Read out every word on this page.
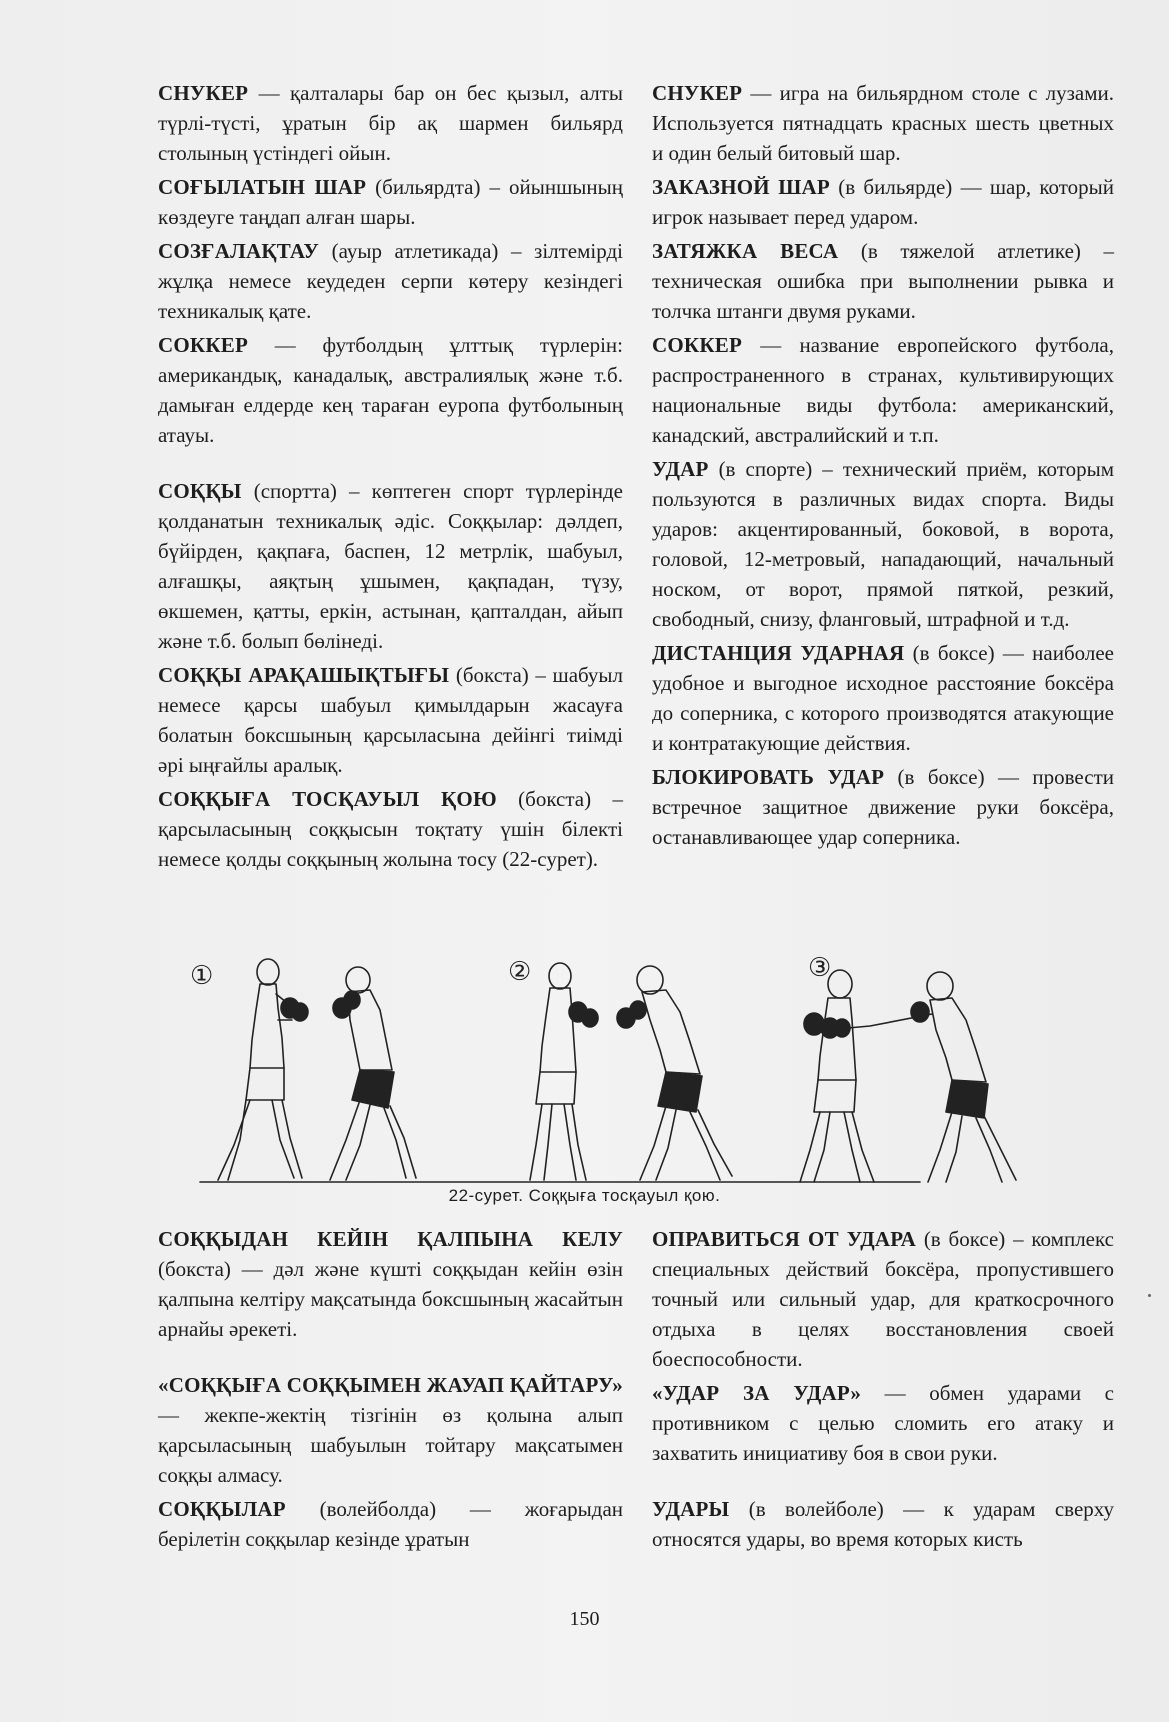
СНУКЕР — қалталары бар он бес қызыл, алты түрлі-түсті, ұратын бір ақ шармен бильярд столының үстіндегі ойын.

СОҒЫЛАТЫН ШАР (бильярдта) – ойыншының көздеуге таңдап алған шары.

СОЗҒАЛАҚТАУ (ауыр атлетикада) – зілтемірді жұлқа немесе кеудеден серпи көтеру кезіндегі техникалық қате.

СОККЕР — футболдың ұлттық түрлерін: американдық, канадалық, австралиялық және т.б. дамыған елдерде кең тараған еуропа футболының атауы.

СОҚҚЫ (спортта) – көптеген спорт түрлерінде қолданатын техникалық әдіс. Соққылар: дәлдеп, бүйірден, қақпаға, баспен, 12 метрлік, шабуыл, алғашқы, аяқтың ұшымен, қақпадан, түзу, өкшемен, қатты, еркін, астынан, қапталдан, айып және т.б. болып бөлінеді.

СОҚҚЫ АРАҚАШЫҚТЫҒЫ (бокста) – шабуыл немесе қарсы шабуыл қимылдарын жасауға болатын боксшының қарсыласына дейінгі тиімді әрі ыңғайлы аралық.

СОҚҚЫҒА ТОСҚАУЫЛ ҚОЮ (бокста) – қарсыласының соққысын тоқтату үшін білекті немесе қолды соққының жолына тосу (22-сурет).

СНУКЕР — игра на бильярдном столе с лузами. Используется пятнадцать красных шесть цветных и один белый битовый шар.

ЗАКАЗНОЙ ШАР (в бильярде) — шар, который игрок называет перед ударом.

ЗАТЯЖКА ВЕСА (в тяжелой атлетике) – техническая ошибка при выполнении рывка и толчка штанги двумя руками.

СОККЕР — название европейского футбола, распространенного в странах, культивирующих национальные виды футбола: американский, канадский, австралийский и т.п.

УДАР (в спорте) – технический приём, которым пользуются в различных видах спорта. Виды ударов: акцентированный, боковой, в ворота, головой, 12-метровый, нападающий, начальный носком, от ворот, прямой пяткой, резкий, свободный, снизу, фланговый, штрафной и т.д.

ДИСТАНЦИЯ УДАРНАЯ (в боксе) — наиболее удобное и выгодное исходное расстояние боксёра до соперника, с которого производятся атакующие и контратакующие действия.

БЛОКИРОВАТЬ УДАР (в боксе) — провести встречное защитное движение руки боксёра, останавливающее удар соперника.

①	②	③
22-сурет. Соққыға тосқауыл қою.

СОҚҚЫДАН КЕЙІН ҚАЛПЫНА КЕЛУ (бокста) — дәл және күшті соққыдан кейін өзін қалпына келтіру мақсатында боксшының жасайтын арнайы әрекеті.

«СОҚҚЫҒА СОҚҚЫМЕН ЖАУАП ҚАЙТАРУ» — жекпе-жектің тізгінін өз қолына алып қарсыласының шабуылын тойтару мақсатымен соққы алмасу.

СОҚҚЫЛАР (волейболда) — жоғарыдан берілетін соққылар кезінде ұратын

ОПРАВИТЬСЯ ОТ УДАРА (в боксе) – комплекс специальных действий боксёра, пропустившего точный или сильный удар, для краткосрочного отдыха в целях восстановления своей боеспособности.

«УДАР ЗА УДАР» — обмен ударами с противником с целью сломить его атаку и захватить инициативу боя в свои руки.

УДАРЫ (в волейболе) — к ударам сверху относятся удары, во время которых кисть

150
